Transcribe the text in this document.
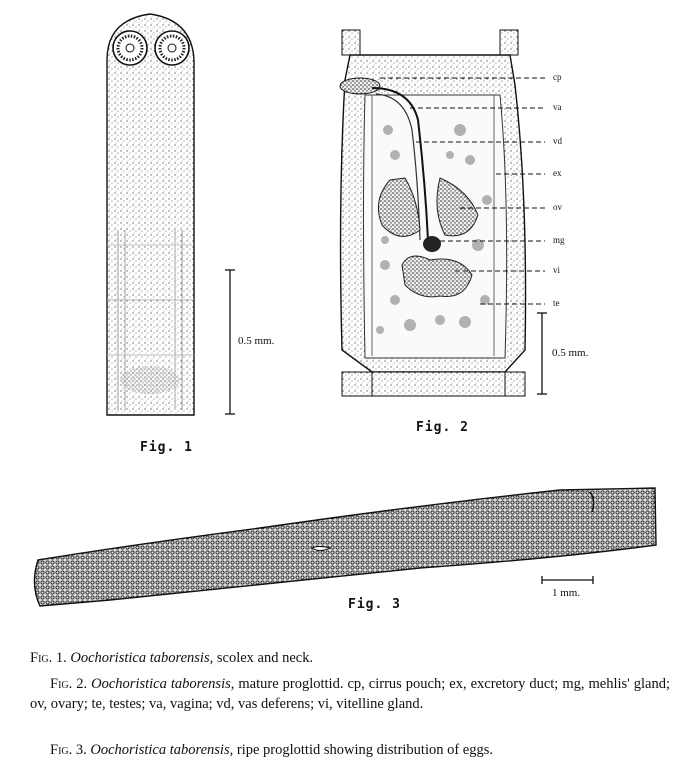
Fig. 1
0.5 mm.
Fig. 2
0.5 mm.
cp
va
vd
ex
ov
mg
vi
te
Fig. 3
1 mm.
Fig. 1. Oochoristica taborensis, scolex and neck.
Fig. 2. Oochoristica taborensis, mature proglottid. cp, cirrus pouch; ex, excretory duct; mg, mehlis' gland; ov, ovary; te, testes; va, vagina; vd, vas deferens; vi, vitelline gland.
Fig. 3. Oochoristica taborensis, ripe proglottid showing distribution of eggs.
